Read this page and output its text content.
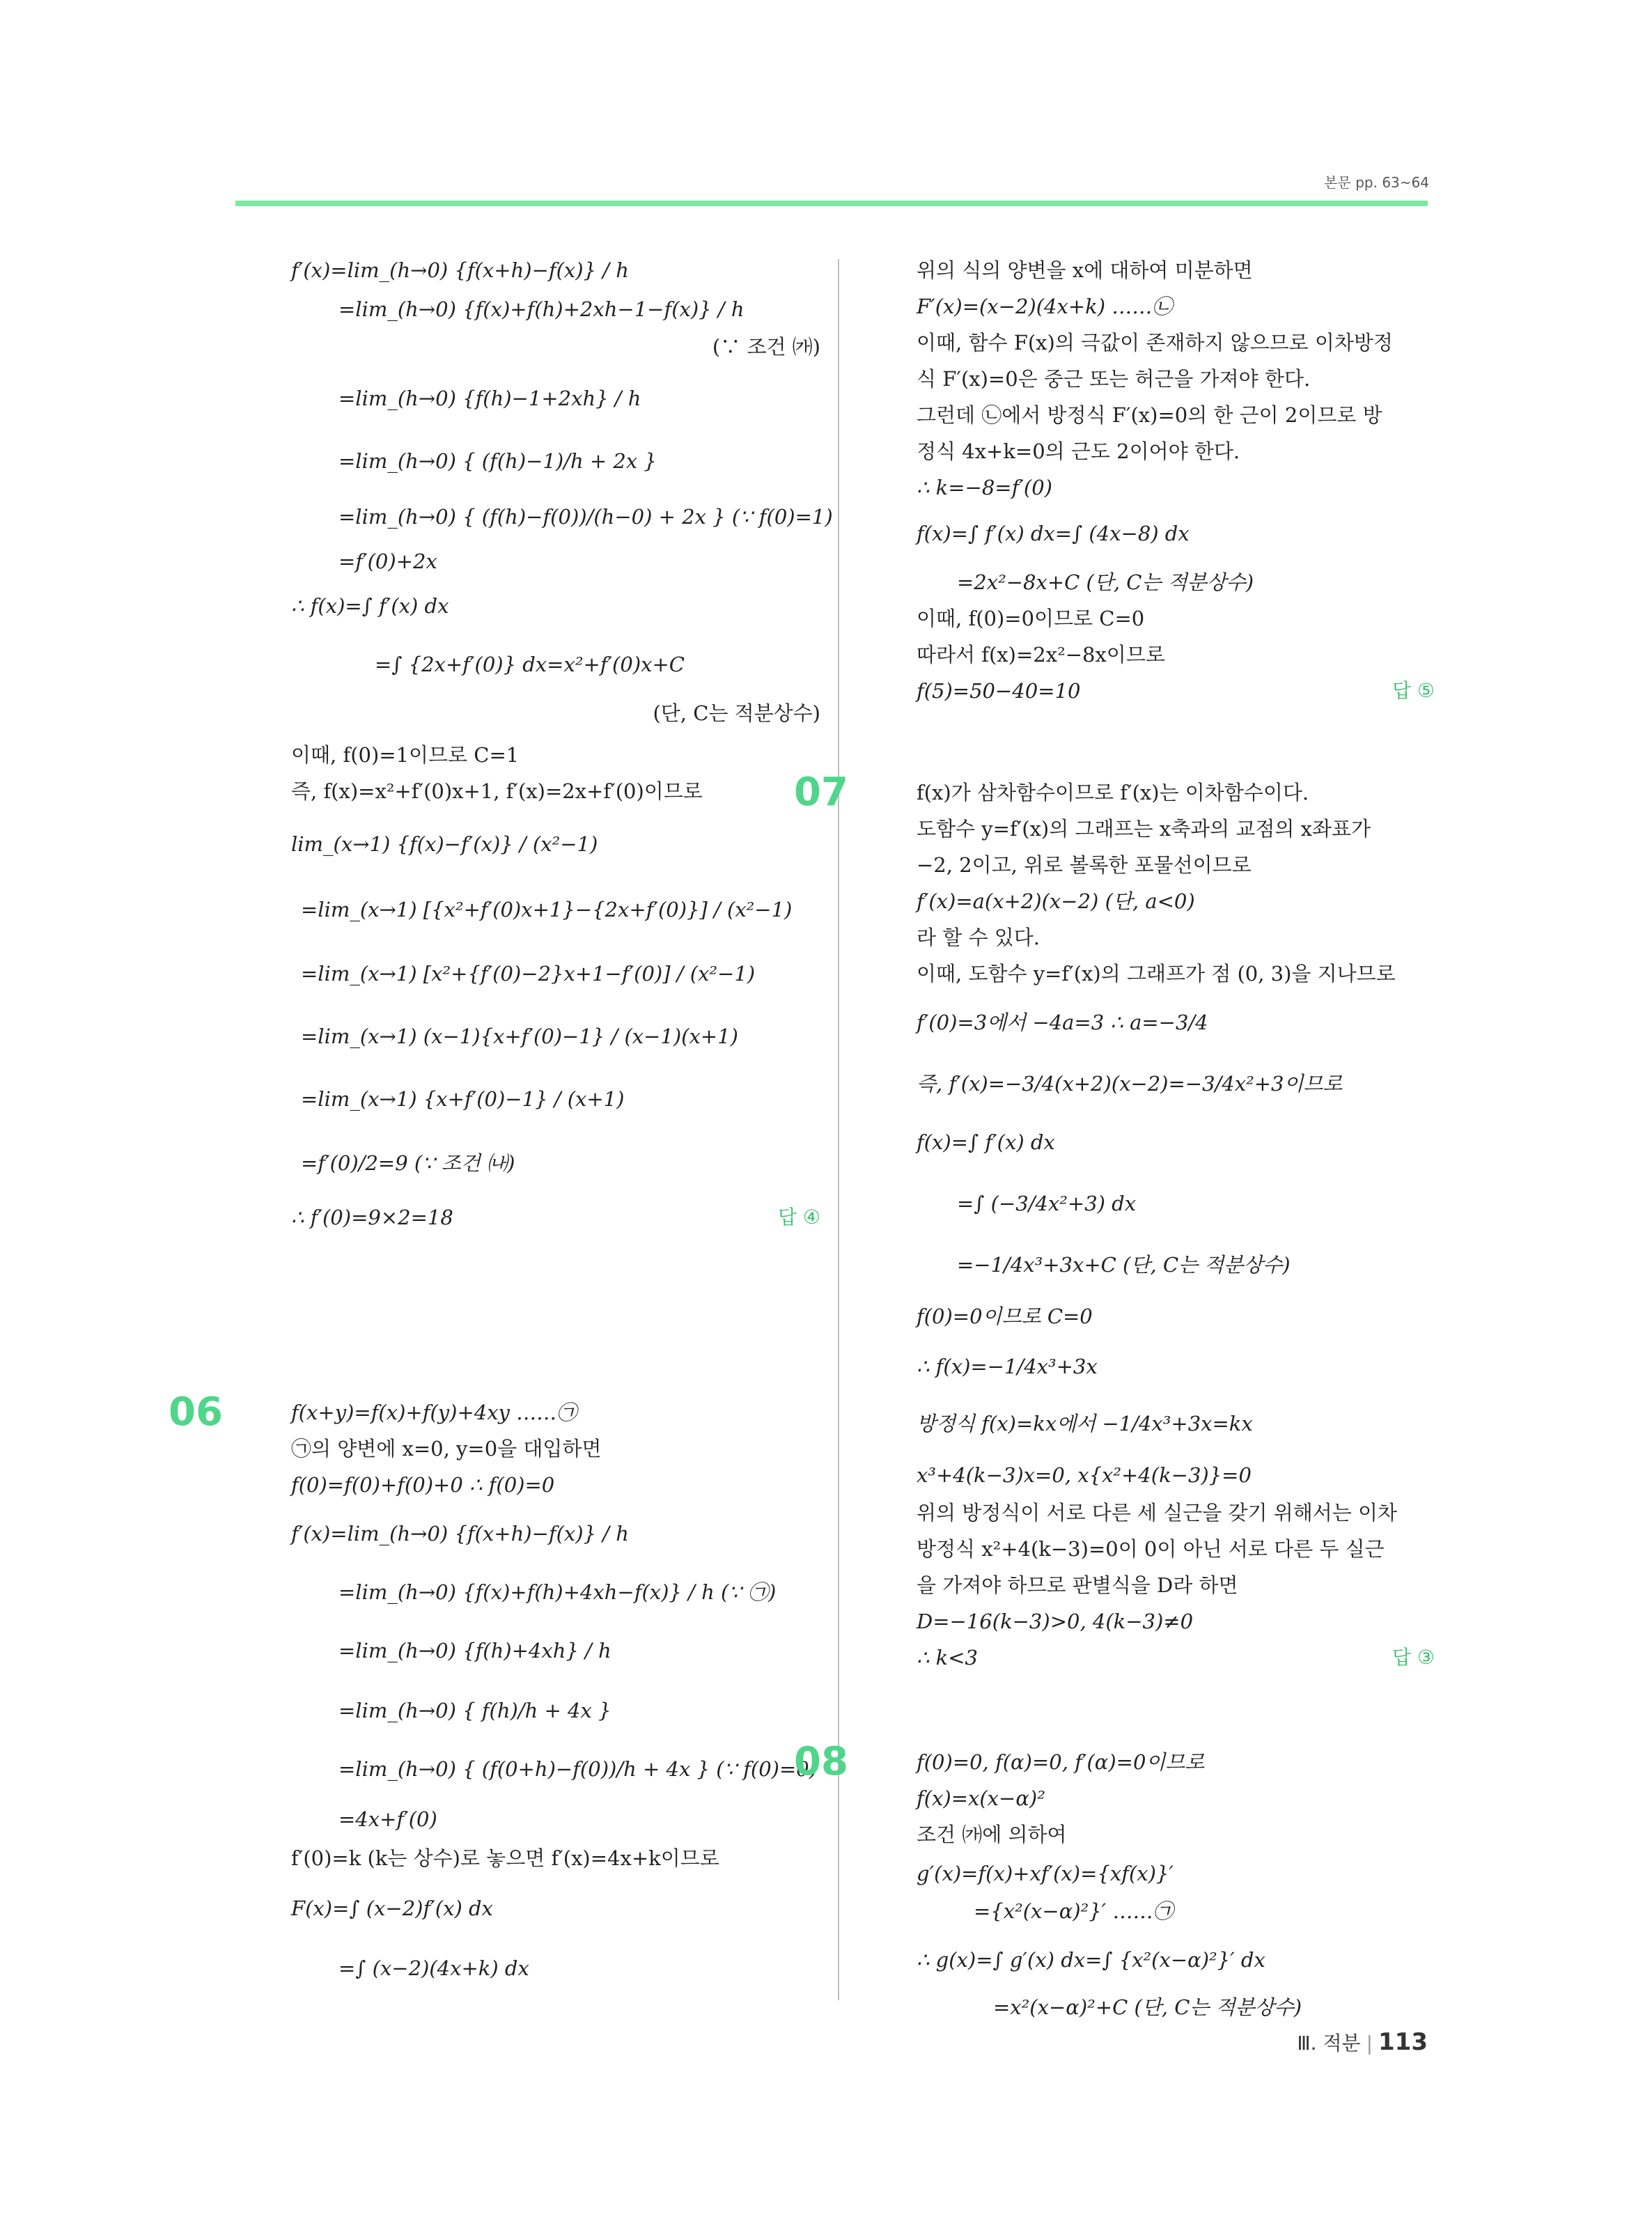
본문 pp. 63~64
f′(x)=lim_(h→0) {f(x+h)−f(x)} / h
=lim_(h→0) {f(x)+f(h)+2xh−1−f(x)} / h
(∵ 조건 ㈎)
=lim_(h→0) {f(h)−1+2xh} / h
=lim_(h→0) { (f(h)−1)/h + 2x }
=lim_(h→0) { (f(h)−f(0))/(h−0) + 2x } (∵ f(0)=1)
=f′(0)+2x
∴ f(x)=∫ f′(x) dx
=∫ {2x+f′(0)} dx=x²+f′(0)x+C
(단, C는 적분상수)
이때, f(0)=1이므로 C=1
즉, f(x)=x²+f′(0)x+1, f′(x)=2x+f′(0)이므로
lim_(x→1) {f(x)−f′(x)} / (x²−1)
=lim_(x→1) [{x²+f′(0)x+1}−{2x+f′(0)}] / (x²−1)
=lim_(x→1) [x²+{f′(0)−2}x+1−f′(0)] / (x²−1)
=lim_(x→1) (x−1){x+f′(0)−1} / (x−1)(x+1)
=lim_(x→1) {x+f′(0)−1} / (x+1)
=f′(0)/2=9 (∵ 조건 ㈏)
∴ f′(0)=9×2=18	답 ④
06	f(x+y)=f(x)+f(y)+4xy ……㉠
㉠의 양변에 x=0, y=0을 대입하면
f(0)=f(0)+f(0)+0 ∴ f(0)=0
f′(x)=lim_(h→0) {f(x+h)−f(x)} / h
=lim_(h→0) {f(x)+f(h)+4xh−f(x)} / h (∵ ㉠)
=lim_(h→0) {f(h)+4xh} / h
=lim_(h→0) { f(h)/h + 4x }
=lim_(h→0) { (f(0+h)−f(0))/h + 4x } (∵ f(0)=0)
=4x+f′(0)
f′(0)=k (k는 상수)로 놓으면 f′(x)=4x+k이므로
F(x)=∫ (x−2)f′(x) dx
=∫ (x−2)(4x+k) dx
위의 식의 양변을 x에 대하여 미분하면
F′(x)=(x−2)(4x+k) ……㉡
이때, 함수 F(x)의 극값이 존재하지 않으므로 이차방정
식 F′(x)=0은 중근 또는 허근을 가져야 한다.
그런데 ㉡에서 방정식 F′(x)=0의 한 근이 2이므로 방
정식 4x+k=0의 근도 2이어야 한다.
∴ k=−8=f′(0)
f(x)=∫ f′(x) dx=∫ (4x−8) dx
=2x²−8x+C (단, C는 적분상수)
이때, f(0)=0이므로 C=0
따라서 f(x)=2x²−8x이므로
f(5)=50−40=10	답 ⑤
07	f(x)가 삼차함수이므로 f′(x)는 이차함수이다.
도함수 y=f′(x)의 그래프는 x축과의 교점의 x좌표가
−2, 2이고, 위로 볼록한 포물선이므로
f′(x)=a(x+2)(x−2) (단, a<0)
라 할 수 있다.
이때, 도함수 y=f′(x)의 그래프가 점 (0, 3)을 지나므로
f′(0)=3에서 −4a=3 ∴ a=−3/4
즉, f′(x)=−3/4(x+2)(x−2)=−3/4x²+3이므로
f(x)=∫ f′(x) dx
=∫ (−3/4x²+3) dx
=−1/4x³+3x+C (단, C는 적분상수)
f(0)=0이므로 C=0
∴ f(x)=−1/4x³+3x
방정식 f(x)=kx에서 −1/4x³+3x=kx
x³+4(k−3)x=0, x{x²+4(k−3)}=0
위의 방정식이 서로 다른 세 실근을 갖기 위해서는 이차
방정식 x²+4(k−3)=0이 0이 아닌 서로 다른 두 실근
을 가져야 하므로 판별식을 D라 하면
D=−16(k−3)>0, 4(k−3)≠0
∴ k<3	답 ③
08	f(0)=0, f(α)=0, f′(α)=0이므로
f(x)=x(x−α)²
조건 ㈎에 의하여
g′(x)=f(x)+xf′(x)={xf(x)}′
={x²(x−α)²}′ ……㉠
∴ g(x)=∫ g′(x) dx=∫ {x²(x−α)²}′ dx
=x²(x−α)²+C (단, C는 적분상수)
Ⅲ. 적분 | 113
